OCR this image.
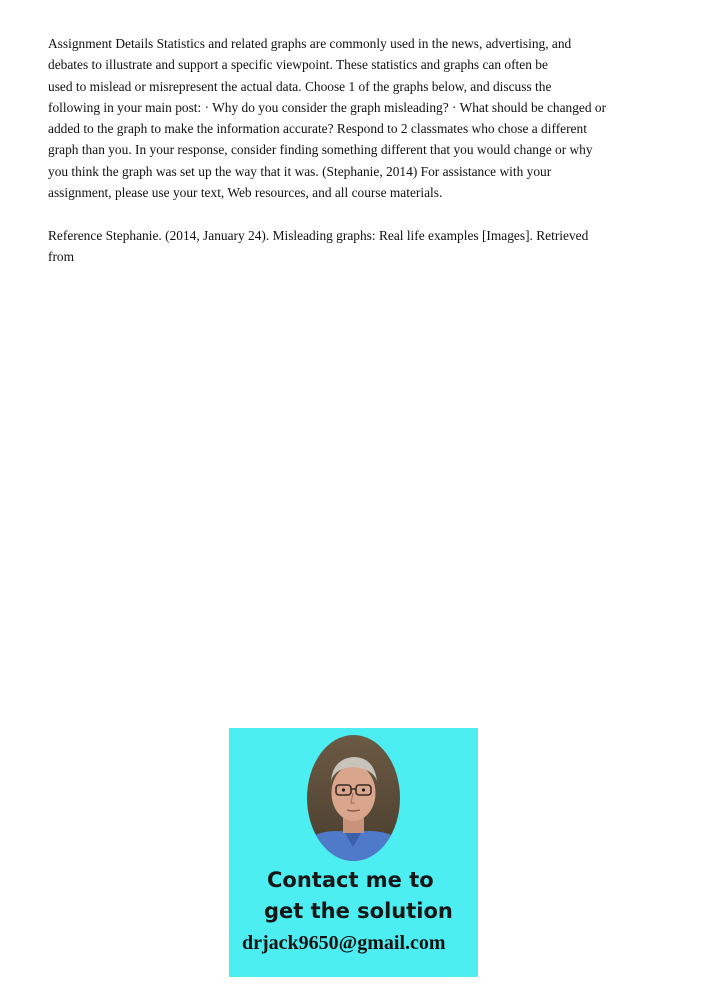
Assignment Details Statistics and related graphs are commonly used in the news, advertising, and
debates to illustrate and support a specific viewpoint. These statistics and graphs can often be
used to mislead or misrepresent the actual data. Choose 1 of the graphs below, and discuss the
following in your main post: · Why do you consider the graph misleading? · What should be changed or
added to the graph to make the information accurate? Respond to 2 classmates who chose a different
graph than you. In your response, consider finding something different that you would change or why
you think the graph was set up the way that it was. (Stephanie, 2014) For assistance with your
assignment, please use your text, Web resources, and all course materials.
Reference Stephanie. (2014, January 24). Misleading graphs: Real life examples [Images]. Retrieved
from
Contact me to
get the solution
drjack9650@gmail.com
